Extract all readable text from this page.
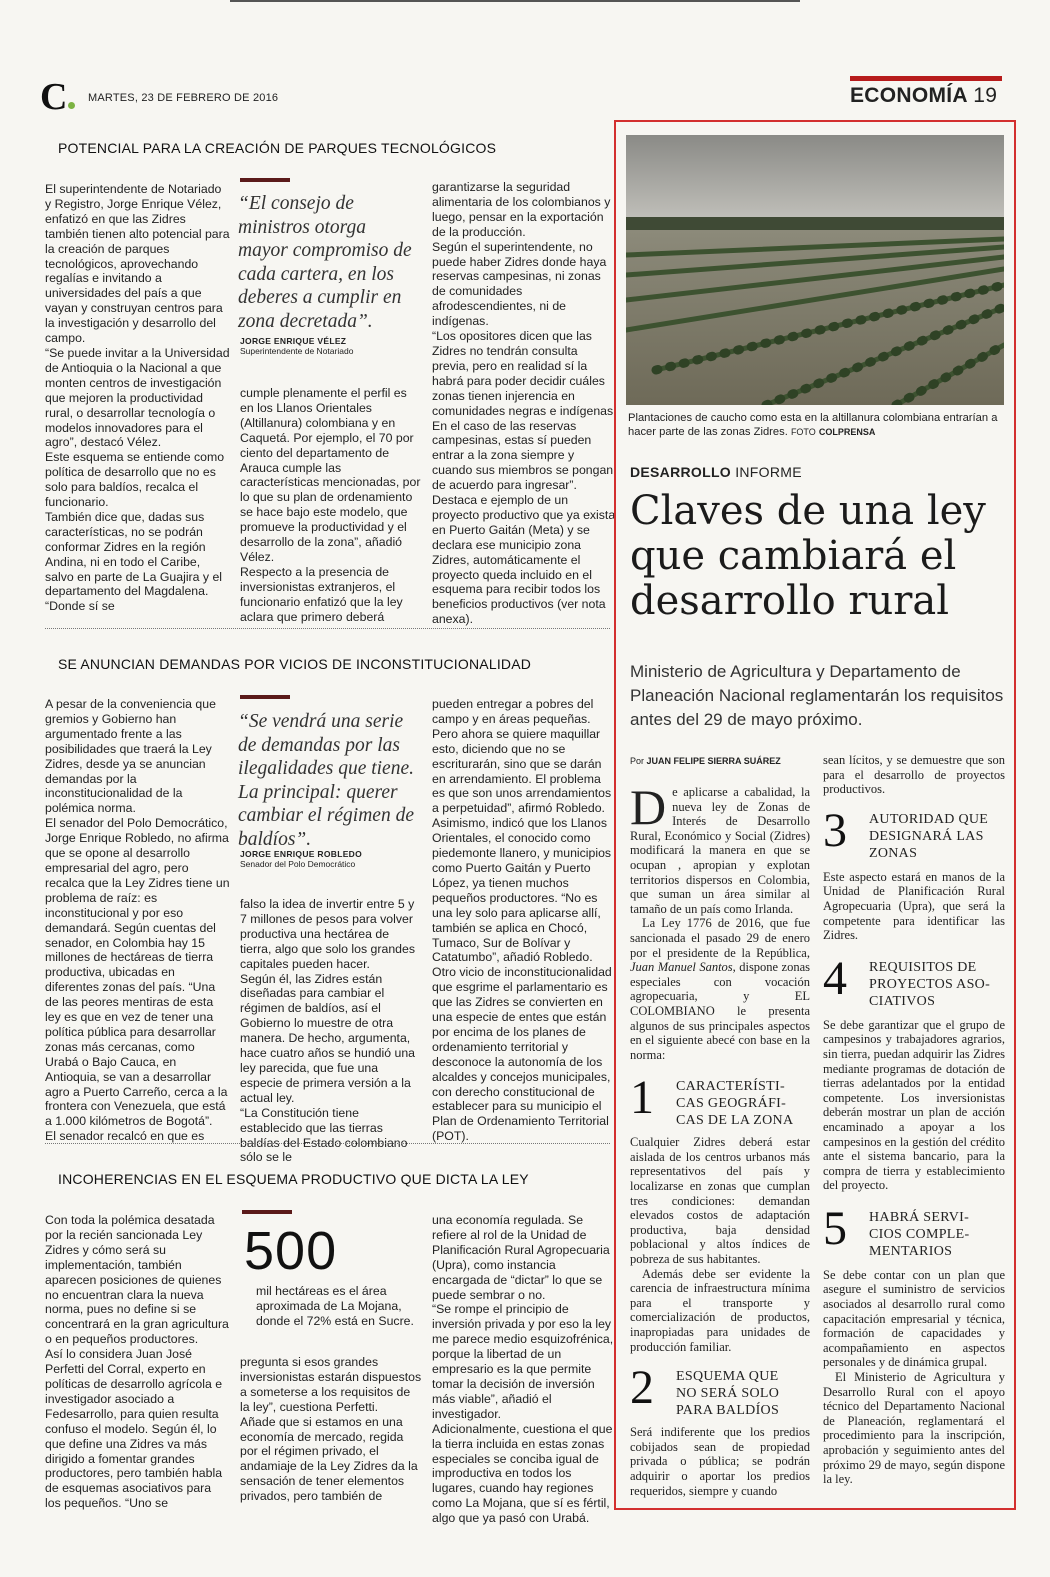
C	MARTES, 23 DE FEBRERO DE 2016	ECONOMÍA 19
POTENCIAL PARA LA CREACIÓN DE PARQUES TECNOLÓGICOS

El superintendente de Notariado y Registro, Jorge Enrique Vélez, enfatizó en que las Zidres también tienen alto potencial para la creación de parques tecnológicos, aprovechando regalías e invitando a universidades del país a que vayan y construyan centros para la investigación y desarrollo del campo.

“Se puede invitar a la Universidad de Antioquia o la Nacional a que monten centros de investigación que mejoren la productividad rural, o desarrollar tecnología o modelos innovadores para el agro”, destacó Vélez.

Este esquema se entiende como política de desarrollo que no es solo para baldíos, recalca el funcionario.

También dice que, dadas sus características, no se podrán conformar Zidres en la región Andina, ni en todo el Caribe, salvo en parte de La Guajira y el departamento del Magdalena. “Donde sí se

“El consejo de ministros otorga mayor compromiso de cada cartera, en los deberes a cumplir en zona decretada”.
JORGE ENRIQUE VÉLEZ
Superintendente de Notariado

cumple plenamente el perfil es en los Llanos Orientales (Altillanura) colombiana y en Caquetá. Por ejemplo, el 70 por ciento del departamento de Arauca cumple las características mencionadas, por lo que su plan de ordenamiento se hace bajo este modelo, que promueve la productividad y el desarrollo de la zona”, añadió Vélez.

Respecto a la presencia de inversionistas extranjeros, el funcionario enfatizó que la ley aclara que primero deberá

garantizarse la seguridad alimentaria de los colombianos y luego, pensar en la exportación de la producción.

Según el superintendente, no puede haber Zidres donde haya reservas campesinas, ni zonas de comunidades afrodescendientes, ni de indígenas.

“Los opositores dicen que las Zidres no tendrán consulta previa, pero en realidad sí la habrá para poder decidir cuáles zonas tienen injerencia en comunidades negras e indígenas. En el caso de las reservas campesinas, estas sí pueden entrar a la zona siempre y cuando sus miembros se pongan de acuerdo para ingresar”.

Destaca e ejemplo de un proyecto productivo que ya exista en Puerto Gaitán (Meta) y se declara ese municipio zona Zidres, automáticamente el proyecto queda incluido en el esquema para recibir todos los beneficios productivos (ver nota anexa).

SE ANUNCIAN DEMANDAS POR VICIOS DE INCONSTITUCIONALIDAD

A pesar de la conveniencia que gremios y Gobierno han argumentado frente a las posibilidades que traerá la Ley Zidres, desde ya se anuncian demandas por la inconstitucionalidad de la polémica norma.

El senador del Polo Democrático, Jorge Enrique Robledo, no afirma que se opone al desarrollo empresarial del agro, pero recalca que la Ley Zidres tiene un problema de raíz: es inconstitucional y por eso demandará. Según cuentas del senador, en Colombia hay 15 millones de hectáreas de tierra productiva, ubicadas en diferentes zonas del país. “Una de las peores mentiras de esta ley es que en vez de tener una política pública para desarrollar zonas más cercanas, como Urabá o Bajo Cauca, en Antioquia, se van a desarrollar agro a Puerto Carreño, cerca a la frontera con Venezuela, que está a 1.000 kilómetros de Bogotá”.

El senador recalcó en que es

“Se vendrá una serie de demandas por las ilegalidades que tiene. La principal: querer cambiar el régimen de baldíos”.
JORGE ENRIQUE ROBLEDO
Senador del Polo Democrático

falso la idea de invertir entre 5 y 7 millones de pesos para volver productiva una hectárea de tierra, algo que solo los grandes capitales pueden hacer.

Según él, las Zidres están diseñadas para cambiar el régimen de baldíos, así el Gobierno lo muestre de otra manera. De hecho, argumenta, hace cuatro años se hundió una ley parecida, que fue una especie de primera versión a la actual ley.

“La Constitución tiene establecido que las tierras baldías del Estado colombiano sólo se le

pueden entregar a pobres del campo y en áreas pequeñas. Pero ahora se quiere maquillar esto, diciendo que no se escriturarán, sino que se darán en arrendamiento. El problema es que son unos arrendamientos a perpetuidad”, afirmó Robledo.

Asimismo, indicó que los Llanos Orientales, el conocido como piedemonte llanero, y municipios como Puerto Gaitán y Puerto López, ya tienen muchos pequeños productores. “No es una ley solo para aplicarse allí, también se aplica en Chocó, Tumaco, Sur de Bolívar y Catatumbo”, añadió Robledo.

Otro vicio de inconstitucionalidad que esgrime el parlamentario es que las Zidres se convierten en una especie de entes que están por encima de los planes de ordenamiento territorial y desconoce la autonomía de los alcaldes y concejos municipales, con derecho constitucional de establecer para su municipio el Plan de Ordenamiento Territorial (POT).

INCOHERENCIAS EN EL ESQUEMA PRODUCTIVO QUE DICTA LA LEY

Con toda la polémica desatada por la recién sancionada Ley Zidres y cómo será su implementación, también aparecen posiciones de quienes no encuentran clara la nueva norma, pues no define si se concentrará en la gran agricultura o en pequeños productores.

Así lo considera Juan José Perfetti del Corral, experto en políticas de desarrollo agrícola e investigador asociado a Fedesarrollo, para quien resulta confuso el modelo. Según él, lo que define una Zidres va más dirigido a fomentar grandes productores, pero también habla de esquemas asociativos para los pequeños. “Uno se

500
mil hectáreas es el área aproximada de La Mojana, donde el 72% está en Sucre.

pregunta si esos grandes inversionistas estarán dispuestos a someterse a los requisitos de la ley”, cuestiona Perfetti.

Añade que si estamos en una economía de mercado, regida por el régimen privado, el andamiaje de la Ley Zidres da la sensación de tener elementos privados, pero también de

una economía regulada. Se refiere al rol de la Unidad de Planificación Rural Agropecuaria (Upra), como instancia encargada de “dictar” lo que se puede sembrar o no.

“Se rompe el principio de inversión privada y por eso la ley me parece medio esquizofrénica, porque la libertad de un empresario es la que permite tomar la decisión de inversión más viable”, añadió el investigador.

Adicionalmente, cuestiona el que la tierra incluida en estas zonas especiales se conciba igual de improductiva en todos los lugares, cuando hay regiones como La Mojana, que sí es fértil, algo que ya pasó con Urabá.

Plantaciones de caucho como esta en la altillanura colombiana entrarían a hacer parte de las zonas Zidres. FOTO COLPRENSA
DESARROLLO INFORME
Claves de una ley que cambiará el desarrollo rural
Ministerio de Agricultura y Departamento de Planeación Nacional reglamentarán los requisitos antes del 29 de mayo próximo.
Por JUAN FELIPE SIERRA SUÁREZ

De aplicarse a cabalidad, la nueva ley de Zonas de Interés de Desarrollo Rural, Económico y Social (Zidres) modificará la manera en que se ocupan , apropian y explotan territorios dispersos en Colombia, que suman un área similar al tamaño de un país como Irlanda.

La Ley 1776 de 2016, que fue sancionada el pasado 29 de enero por el presidente de la República, Juan Manuel Santos, dispone zonas especiales con vocación agropecuaria, y EL COLOMBIANO le presenta algunos de sus principales aspectos en el siguiente abecé con base en la norma:

1	CARACTERÍSTI-
CAS GEOGRÁFI-
CAS DE LA ZONA

Cualquier Zidres deberá estar aislada de los centros urbanos más representativos del país y localizarse en zonas que cumplan tres condiciones: demandan elevados costos de adaptación productiva, baja densidad poblacional y altos índices de pobreza de sus habitantes.

Además debe ser evidente la carencia de infraestructura mínima para el transporte y comercialización de productos, inapropiadas para unidades de producción familiar.

2	ESQUEMA QUE
NO SERÁ SOLO
PARA BALDÍOS

Será indiferente que los predios cobijados sean de propiedad privada o pública; se podrán adquirir o aportar los predios requeridos, siempre y cuando

sean lícitos, y se demuestre que son para el desarrollo de proyectos productivos.

3	AUTORIDAD QUE
DESIGNARÁ LAS
ZONAS

Este aspecto estará en manos de la Unidad de Planificación Rural Agropecuaria (Upra), que será la competente para identificar las Zidres.

4	REQUISITOS DE
PROYECTOS ASO-
CIATIVOS

Se debe garantizar que el grupo de campesinos y trabajadores agrarios, sin tierra, puedan adquirir las Zidres mediante programas de dotación de tierras adelantados por la entidad competente. Los inversionistas deberán mostrar un plan de acción encaminado a apoyar a los campesinos en la gestión del crédito ante el sistema bancario, para la compra de tierra y establecimiento del proyecto.

5	HABRÁ SERVI-
CIOS COMPLE-
MENTARIOS

Se debe contar con un plan que asegure el suministro de servicios asociados al desarrollo rural como capacitación empresarial y técnica, formación de capacidades y acompañamiento en aspectos personales y de dinámica grupal.

El Ministerio de Agricultura y Desarrollo Rural con el apoyo técnico del Departamento Nacional de Planeación, reglamentará el procedimiento para la inscripción, aprobación y seguimiento antes del próximo 29 de mayo, según dispone la ley.
